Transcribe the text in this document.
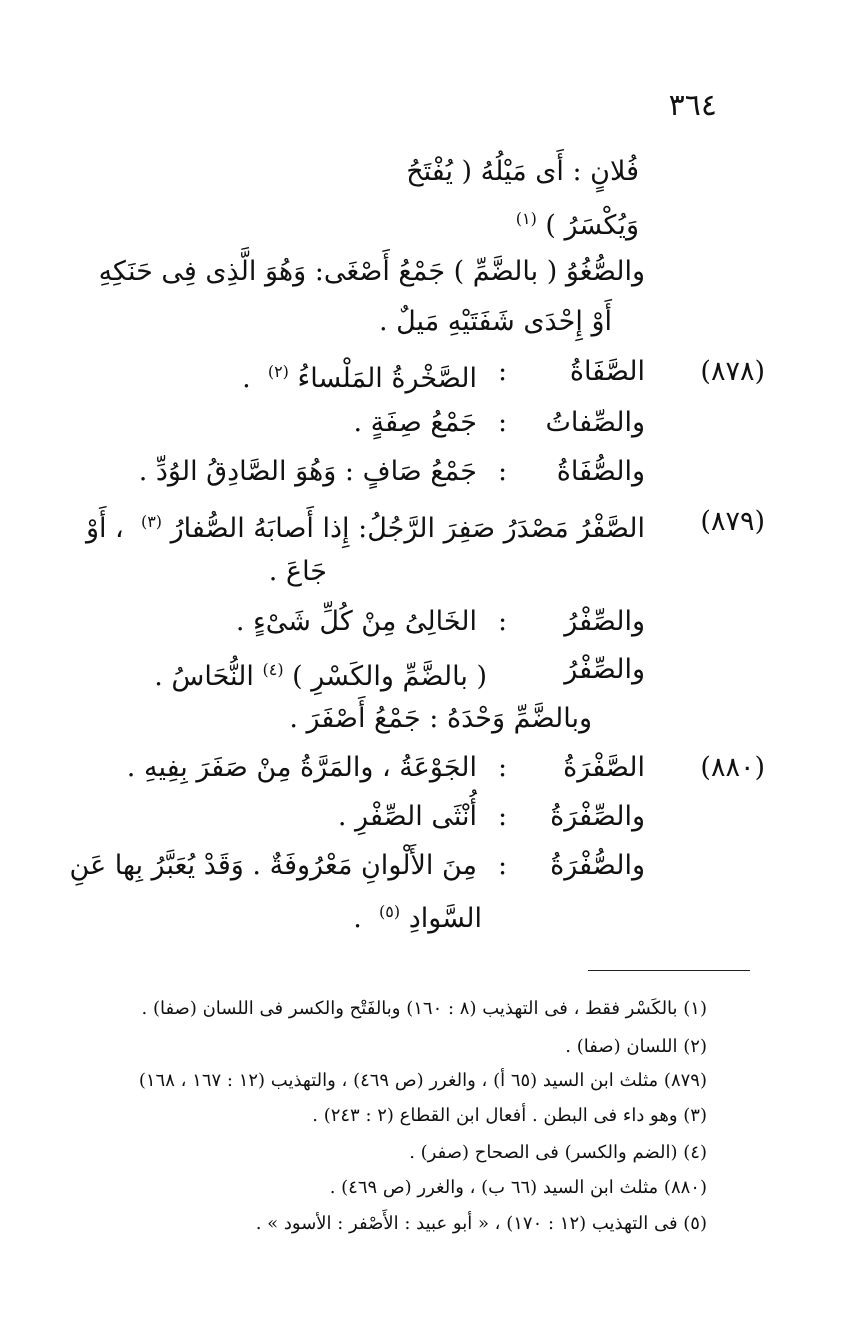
٣٦٤
فُلانٍ : أَى مَيْلُهُ ( يُفْتَحُ
وَيُكْسَرُ ) $^{(١)}$
والصُّغُوُ ( بالضَّمِّ ) جَمْعُ أَصْغَى: وَهُوَ الَّذِى فِى حَنَكِهِ
أَوْ إِحْدَى شَفَتَيْهِ مَيلٌ .
(٨٧٨)
الصَّفَاةُ
:
الصَّخْرةُ المَلْساءُ $^{(٢)}$  .
والصِّفاتُ
:
جَمْعُ صِفَةٍ .
والصُّفَاةُ
:
جَمْعُ صَافٍ : وَهُوَ الصَّادِقُ الوُدِّ .
(٨٧٩)
الصَّفْرُ مَصْدَرُ صَفِرَ الرَّجُلُ: إِذا أَصابَهُ الصُّفارُ $^{(٣)}$  ، أَوْ
جَاعَ .
والصِّفْرُ
:
الخَالِىُ مِنْ كُلِّ شَىْءٍ .
والصِّفْرُ
( بالضَّمِّ والكَسْرِ ) $^{(٤)}$ النُّحَاسُ .
وبالضَّمِّ وَحْدَهُ : جَمْعُ أَصْفَرَ .
(٨٨٠)
الصَّفْرَةُ
:
الجَوْعَةُ ، والمَرَّةُ مِنْ صَفَرَ بِفِيهِ .
والصِّفْرَةُ
:
أُنْثَى الصِّفْرِ .
والصُّفْرَةُ
:
مِنَ الأَلْوانِ مَعْرُوفَةٌ . وَقَدْ يُعَبَّرُ بِها عَنِ
السَّوادِ $^{(٥)}$  .
(١) بالكَسْر فقط ، فى التهذيب (٨ : ١٦٠) وبالفَتْح والكسر فى اللسان (صفا) .
(٢) اللسان (صفا) .
(٨٧٩) مثلث ابن السيد (٦٥ أ) ، والغرر (ص ٤٦٩) ، والتهذيب (١٢ : ١٦٧ ، ١٦٨)
(٣) وهو داء فى البطن . أفعال ابن القطاع (٢ : ٢٤٣) .
(٤) (الضم والكسر) فى الصحاح (صفر) .
(٨٨٠) مثلث ابن السيد (٦٦ ب) ، والغرر (ص ٤٦٩) .
(٥) فى التهذيب (١٢ : ١٧٠) ، « أبو عبيد : الأَصْفر : الأسود » .
